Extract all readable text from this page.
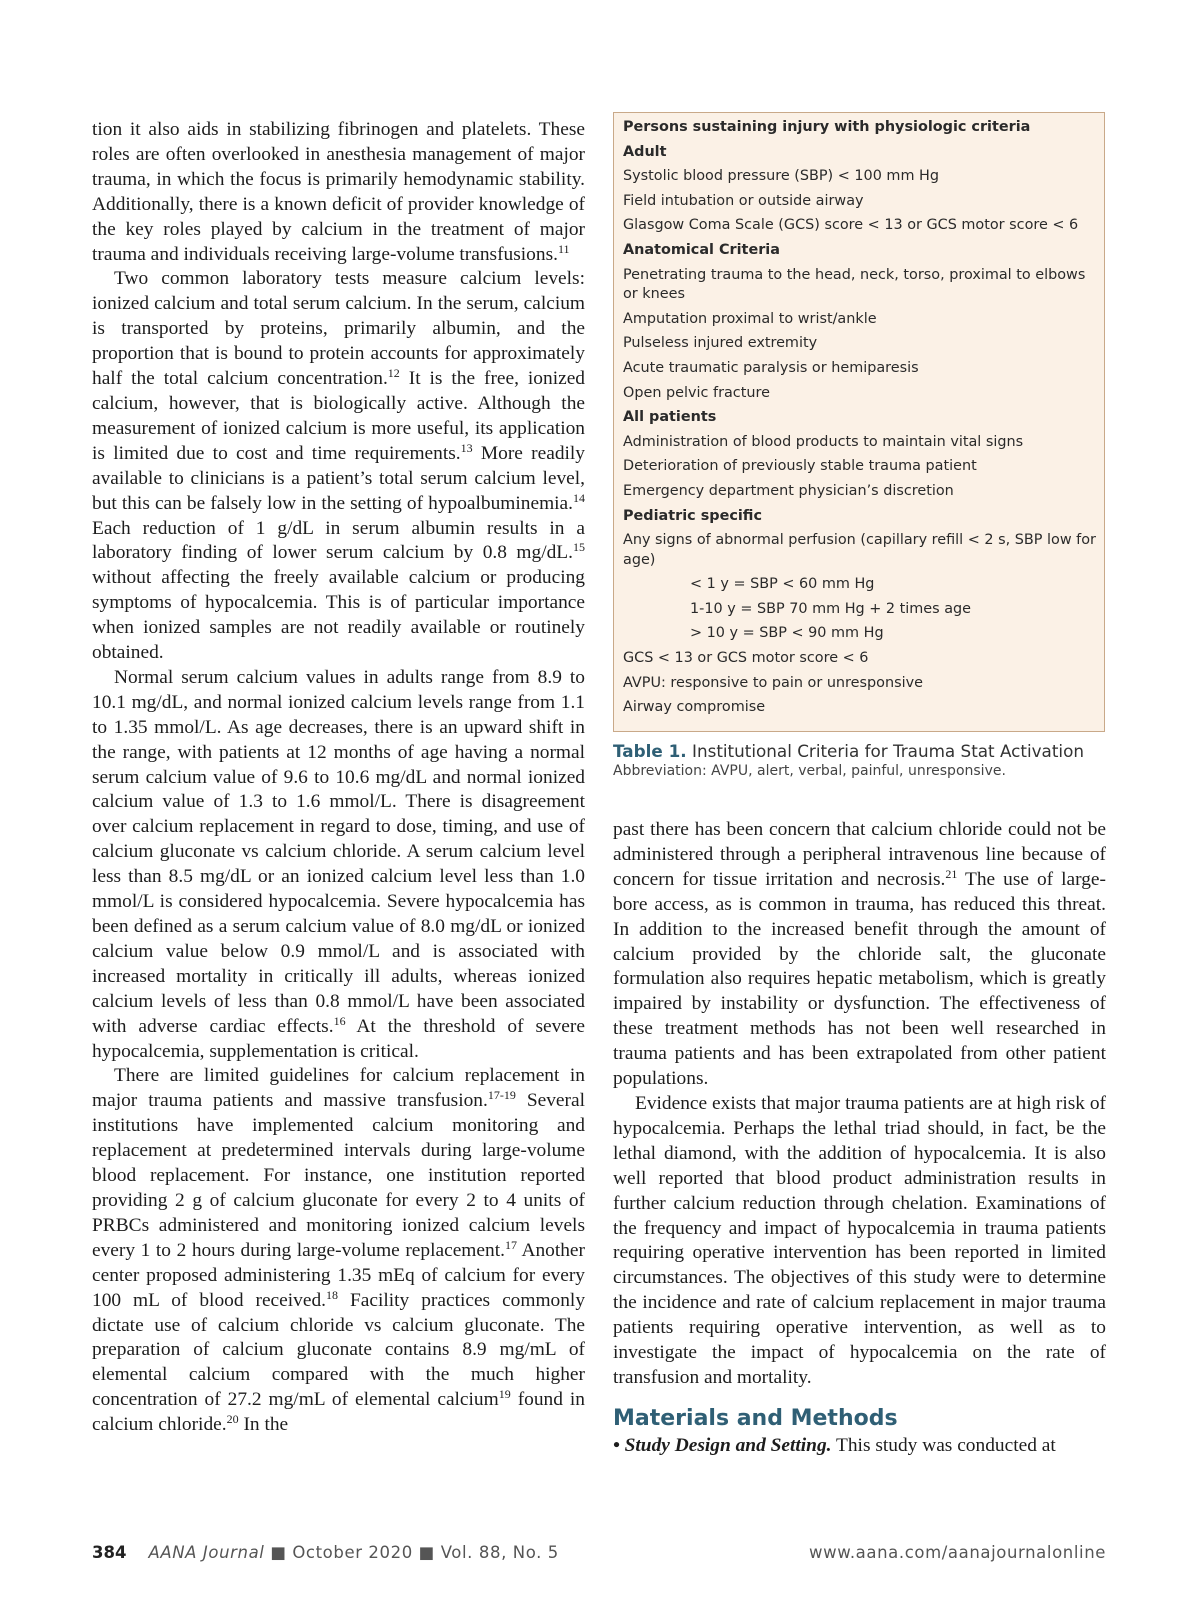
tion it also aids in stabilizing fibrinogen and platelets. These roles are often overlooked in anesthesia management of major trauma, in which the focus is primarily hemodynamic stability. Additionally, there is a known deficit of provider knowledge of the key roles played by calcium in the treatment of major trauma and individuals receiving large-volume transfusions.$^{11}$

Two common laboratory tests measure calcium levels: ionized calcium and total serum calcium. In the serum, calcium is transported by proteins, primarily albumin, and the proportion that is bound to protein accounts for approximately half the total calcium concentration.$^{12}$ It is the free, ionized calcium, however, that is biologically active. Although the measurement of ionized calcium is more useful, its application is limited due to cost and time requirements.$^{13}$ More readily available to clinicians is a patient’s total serum calcium level, but this can be falsely low in the setting of hypoalbuminemia.$^{14}$ Each reduction of 1 g/dL in serum albumin results in a laboratory finding of lower serum calcium by 0.8 mg/dL.$^{15}$ without affecting the freely available calcium or producing symptoms of hypocalcemia. This is of particular importance when ionized samples are not readily available or routinely obtained.

Normal serum calcium values in adults range from 8.9 to 10.1 mg/dL, and normal ionized calcium levels range from 1.1 to 1.35 mmol/L. As age decreases, there is an upward shift in the range, with patients at 12 months of age having a normal serum calcium value of 9.6 to 10.6 mg/dL and normal ionized calcium value of 1.3 to 1.6 mmol/L. There is disagreement over calcium replacement in regard to dose, timing, and use of calcium gluconate vs calcium chloride. A serum calcium level less than 8.5 mg/dL or an ionized calcium level less than 1.0 mmol/L is considered hypocalcemia. Severe hypocalcemia has been defined as a serum calcium value of 8.0 mg/dL or ionized calcium value below 0.9 mmol/L and is associated with increased mortality in critically ill adults, whereas ionized calcium levels of less than 0.8 mmol/L have been associated with adverse cardiac effects.$^{16}$ At the threshold of severe hypocalcemia, supplementation is critical.

There are limited guidelines for calcium replacement in major trauma patients and massive transfusion.$^{17-19}$ Several institutions have implemented calcium monitoring and replacement at predetermined intervals during large-volume blood replacement. For instance, one institution reported providing 2 g of calcium gluconate for every 2 to 4 units of PRBCs administered and monitoring ionized calcium levels every 1 to 2 hours during large-volume replacement.$^{17}$ Another center proposed administering 1.35 mEq of calcium for every 100 mL of blood received.$^{18}$ Facility practices commonly dictate use of calcium chloride vs calcium gluconate. The preparation of calcium gluconate contains 8.9 mg/mL of elemental calcium compared with the much higher concentration of 27.2 mg/mL of elemental calcium$^{19}$ found in calcium chloride.$^{20}$ In the

Persons sustaining injury with physiologic criteria
Adult
Systolic blood pressure (SBP) < 100 mm Hg
Field intubation or outside airway
Glasgow Coma Scale (GCS) score < 13 or GCS motor score < 6
Anatomical Criteria
Penetrating trauma to the head, neck, torso, proximal to elbows or knees
Amputation proximal to wrist/ankle
Pulseless injured extremity
Acute traumatic paralysis or hemiparesis
Open pelvic fracture
All patients
Administration of blood products to maintain vital signs
Deterioration of previously stable trauma patient
Emergency department physician’s discretion
Pediatric specific
Any signs of abnormal perfusion (capillary refill < 2 s, SBP low for age)
< 1 y = SBP < 60 mm Hg
1-10 y = SBP 70 mm Hg + 2 times age
> 10 y = SBP < 90 mm Hg
GCS < 13 or GCS motor score < 6
AVPU: responsive to pain or unresponsive
Airway compromise
Table 1. Institutional Criteria for Trauma Stat Activation
Abbreviation: AVPU, alert, verbal, painful, unresponsive.

past there has been concern that calcium chloride could not be administered through a peripheral intravenous line because of concern for tissue irritation and necrosis.$^{21}$ The use of large-bore access, as is common in trauma, has reduced this threat. In addition to the increased benefit through the amount of calcium provided by the chloride salt, the gluconate formulation also requires hepatic metabolism, which is greatly impaired by instability or dysfunction. The effectiveness of these treatment methods has not been well researched in trauma patients and has been extrapolated from other patient populations.

Evidence exists that major trauma patients are at high risk of hypocalcemia. Perhaps the lethal triad should, in fact, be the lethal diamond, with the addition of hypocalcemia. It is also well reported that blood product administration results in further calcium reduction through chelation. Examinations of the frequency and impact of hypocalcemia in trauma patients requiring operative intervention has been reported in limited circumstances. The objectives of this study were to determine the incidence and rate of calcium replacement in major trauma patients requiring operative intervention, as well as to investigate the impact of hypocalcemia on the rate of transfusion and mortality.

Materials and Methods

• Study Design and Setting. This study was conducted at

384 AANA Journal ■ October 2020 ■ Vol. 88, No. 5	www.aana.com/aanajournalonline
